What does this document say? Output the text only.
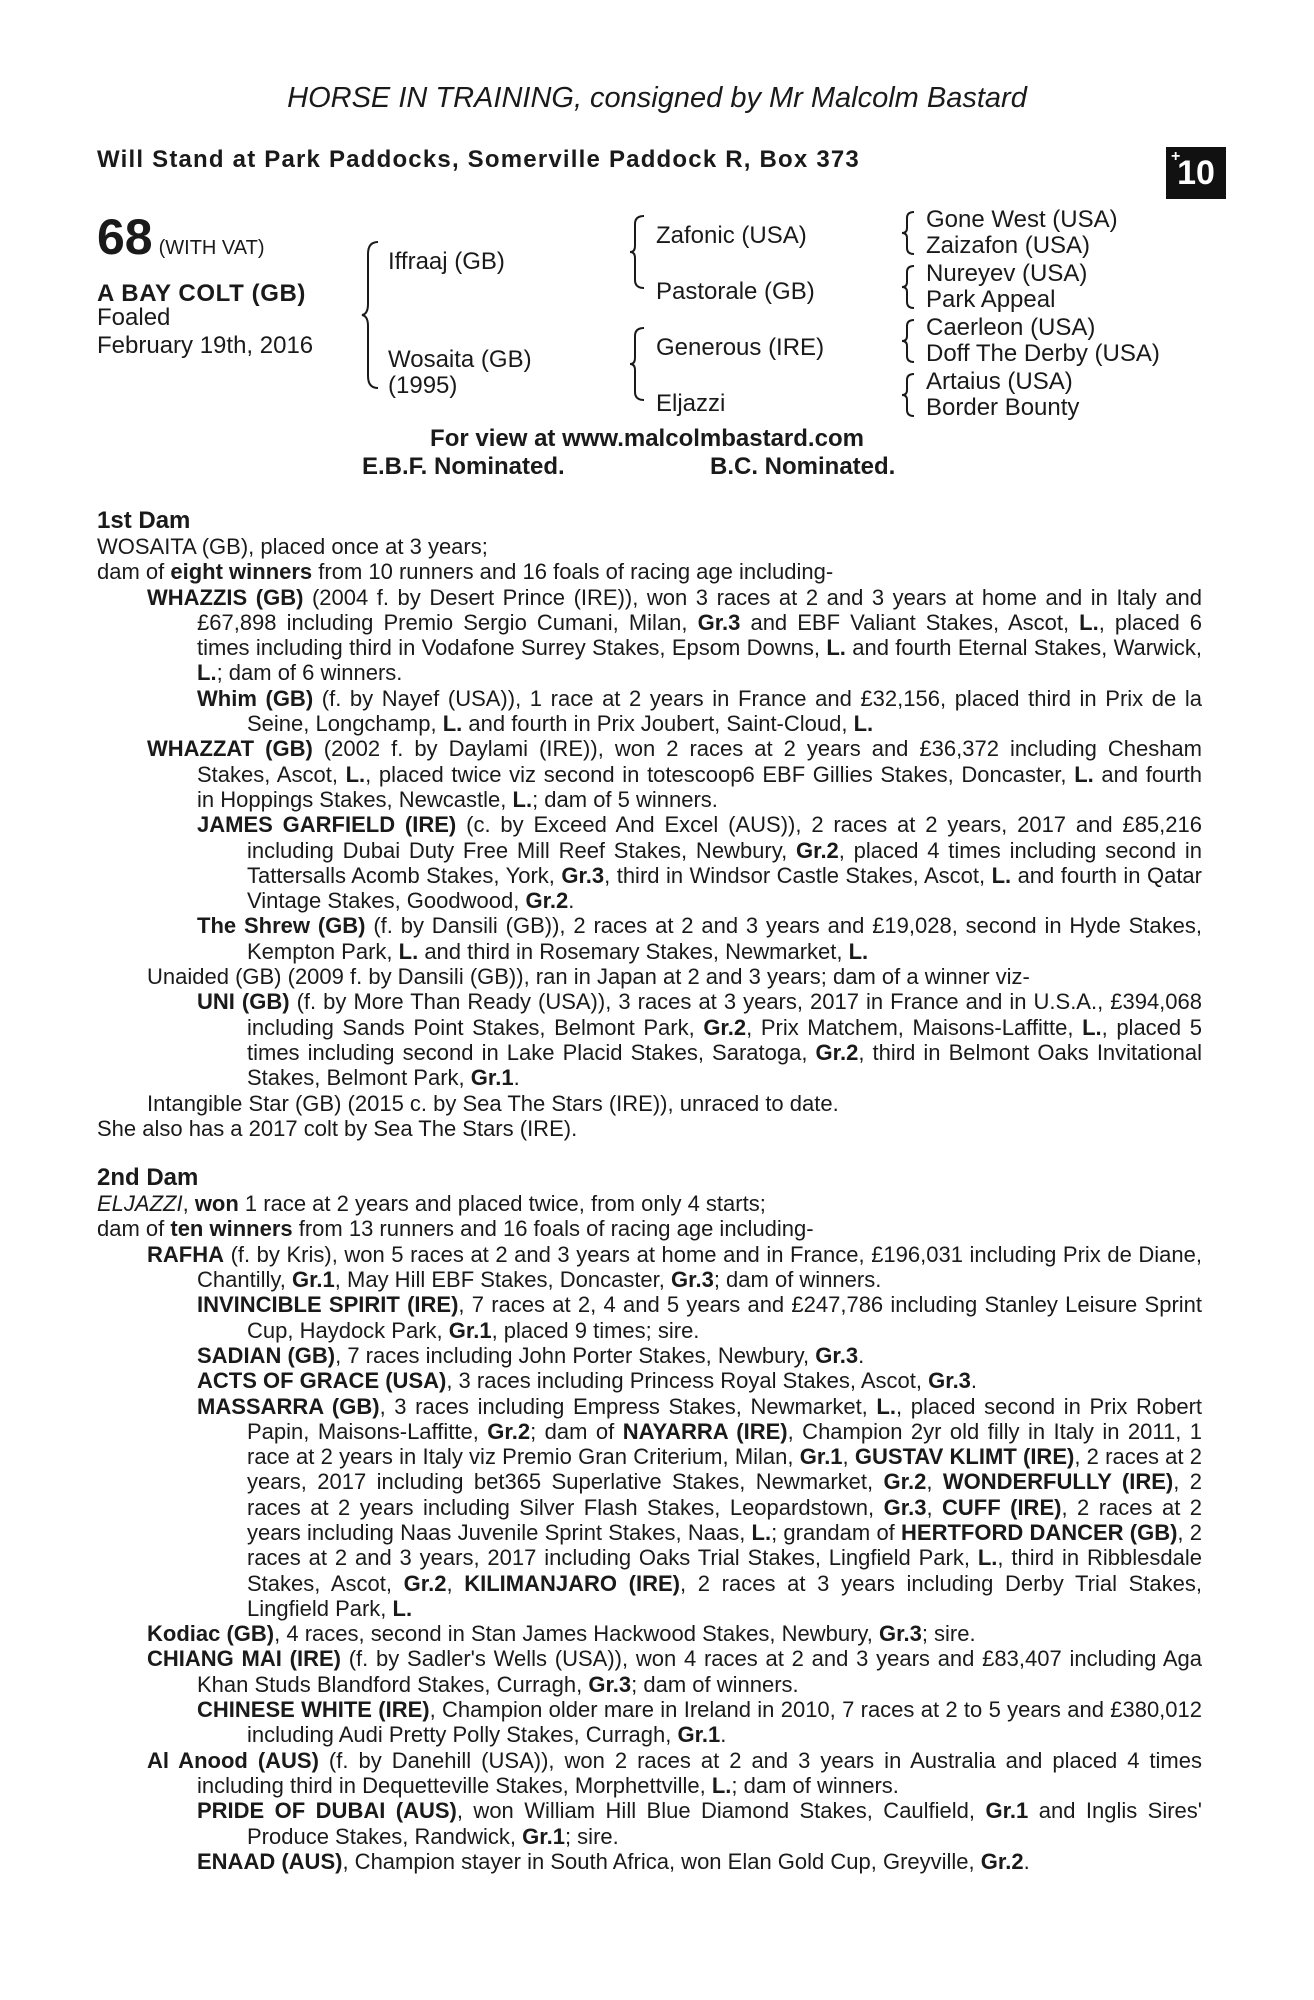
HORSE IN TRAINING, consigned by Mr Malcolm Bastard
Will Stand at Park Paddocks, Somerville Paddock R, Box 373	+
10
68 (WITH VAT)
A BAY COLT (GB)
Foaled
February 19th, 2016
Iffraaj (GB)
Wosaita (GB)
(1995)
Zafonic (USA)
Pastorale (GB)
Generous (IRE)
Eljazzi
Gone West (USA)
Zaizafon (USA)
Nureyev (USA)
Park Appeal
Caerleon (USA)
Doff The Derby (USA)
Artaius (USA)
Border Bounty
For view at www.malcolmbastard.com
E.B.F. Nominated.	B.C. Nominated.
1st Dam
WOSAITA (GB), placed once at 3 years;
dam of eight winners from 10 runners and 16 foals of racing age including-
WHAZZIS (GB) (2004 f. by Desert Prince (IRE)), won 3 races at 2 and 3 years at home and in Italy and £67,898 including Premio Sergio Cumani, Milan, Gr.3 and EBF Valiant Stakes, Ascot, L., placed 6 times including third in Vodafone Surrey Stakes, Epsom Downs, L. and fourth Eternal Stakes, Warwick, L.; dam of 6 winners.
Whim (GB) (f. by Nayef (USA)), 1 race at 2 years in France and £32,156, placed third in Prix de la Seine, Longchamp, L. and fourth in Prix Joubert, Saint-Cloud, L.
WHAZZAT (GB) (2002 f. by Daylami (IRE)), won 2 races at 2 years and £36,372 including Chesham Stakes, Ascot, L., placed twice viz second in totescoop6 EBF Gillies Stakes, Doncaster, L. and fourth in Hoppings Stakes, Newcastle, L.; dam of 5 winners.
JAMES GARFIELD (IRE) (c. by Exceed And Excel (AUS)), 2 races at 2 years, 2017 and £85,216 including Dubai Duty Free Mill Reef Stakes, Newbury, Gr.2, placed 4 times including second in Tattersalls Acomb Stakes, York, Gr.3, third in Windsor Castle Stakes, Ascot, L. and fourth in Qatar Vintage Stakes, Goodwood, Gr.2.
The Shrew (GB) (f. by Dansili (GB)), 2 races at 2 and 3 years and £19,028, second in Hyde Stakes, Kempton Park, L. and third in Rosemary Stakes, Newmarket, L.
Unaided (GB) (2009 f. by Dansili (GB)), ran in Japan at 2 and 3 years; dam of a winner viz-
UNI (GB) (f. by More Than Ready (USA)), 3 races at 3 years, 2017 in France and in U.S.A., £394,068 including Sands Point Stakes, Belmont Park, Gr.2, Prix Matchem, Maisons-Laffitte, L., placed 5 times including second in Lake Placid Stakes, Saratoga, Gr.2, third in Belmont Oaks Invitational Stakes, Belmont Park, Gr.1.
Intangible Star (GB) (2015 c. by Sea The Stars (IRE)), unraced to date.
She also has a 2017 colt by Sea The Stars (IRE).
2nd Dam
ELJAZZI, won 1 race at 2 years and placed twice, from only 4 starts;
dam of ten winners from 13 runners and 16 foals of racing age including-
RAFHA (f. by Kris), won 5 races at 2 and 3 years at home and in France, £196,031 including Prix de Diane, Chantilly, Gr.1, May Hill EBF Stakes, Doncaster, Gr.3; dam of winners.
INVINCIBLE SPIRIT (IRE), 7 races at 2, 4 and 5 years and £247,786 including Stanley Leisure Sprint Cup, Haydock Park, Gr.1, placed 9 times; sire.
SADIAN (GB), 7 races including John Porter Stakes, Newbury, Gr.3.
ACTS OF GRACE (USA), 3 races including Princess Royal Stakes, Ascot, Gr.3.
MASSARRA (GB), 3 races including Empress Stakes, Newmarket, L., placed second in Prix Robert Papin, Maisons-Laffitte, Gr.2; dam of NAYARRA (IRE), Champion 2yr old filly in Italy in 2011, 1 race at 2 years in Italy viz Premio Gran Criterium, Milan, Gr.1, GUSTAV KLIMT (IRE), 2 races at 2 years, 2017 including bet365 Superlative Stakes, Newmarket, Gr.2, WONDERFULLY (IRE), 2 races at 2 years including Silver Flash Stakes, Leopardstown, Gr.3, CUFF (IRE), 2 races at 2 years including Naas Juvenile Sprint Stakes, Naas, L.; grandam of HERTFORD DANCER (GB), 2 races at 2 and 3 years, 2017 including Oaks Trial Stakes, Lingfield Park, L., third in Ribblesdale Stakes, Ascot, Gr.2, KILIMANJARO (IRE), 2 races at 3 years including Derby Trial Stakes, Lingfield Park, L.
Kodiac (GB), 4 races, second in Stan James Hackwood Stakes, Newbury, Gr.3; sire.
CHIANG MAI (IRE) (f. by Sadler's Wells (USA)), won 4 races at 2 and 3 years and £83,407 including Aga Khan Studs Blandford Stakes, Curragh, Gr.3; dam of winners.
CHINESE WHITE (IRE), Champion older mare in Ireland in 2010, 7 races at 2 to 5 years and £380,012 including Audi Pretty Polly Stakes, Curragh, Gr.1.
Al Anood (AUS) (f. by Danehill (USA)), won 2 races at 2 and 3 years in Australia and placed 4 times including third in Dequetteville Stakes, Morphettville, L.; dam of winners.
PRIDE OF DUBAI (AUS), won William Hill Blue Diamond Stakes, Caulfield, Gr.1 and Inglis Sires' Produce Stakes, Randwick, Gr.1; sire.
ENAAD (AUS), Champion stayer in South Africa, won Elan Gold Cup, Greyville, Gr.2.
